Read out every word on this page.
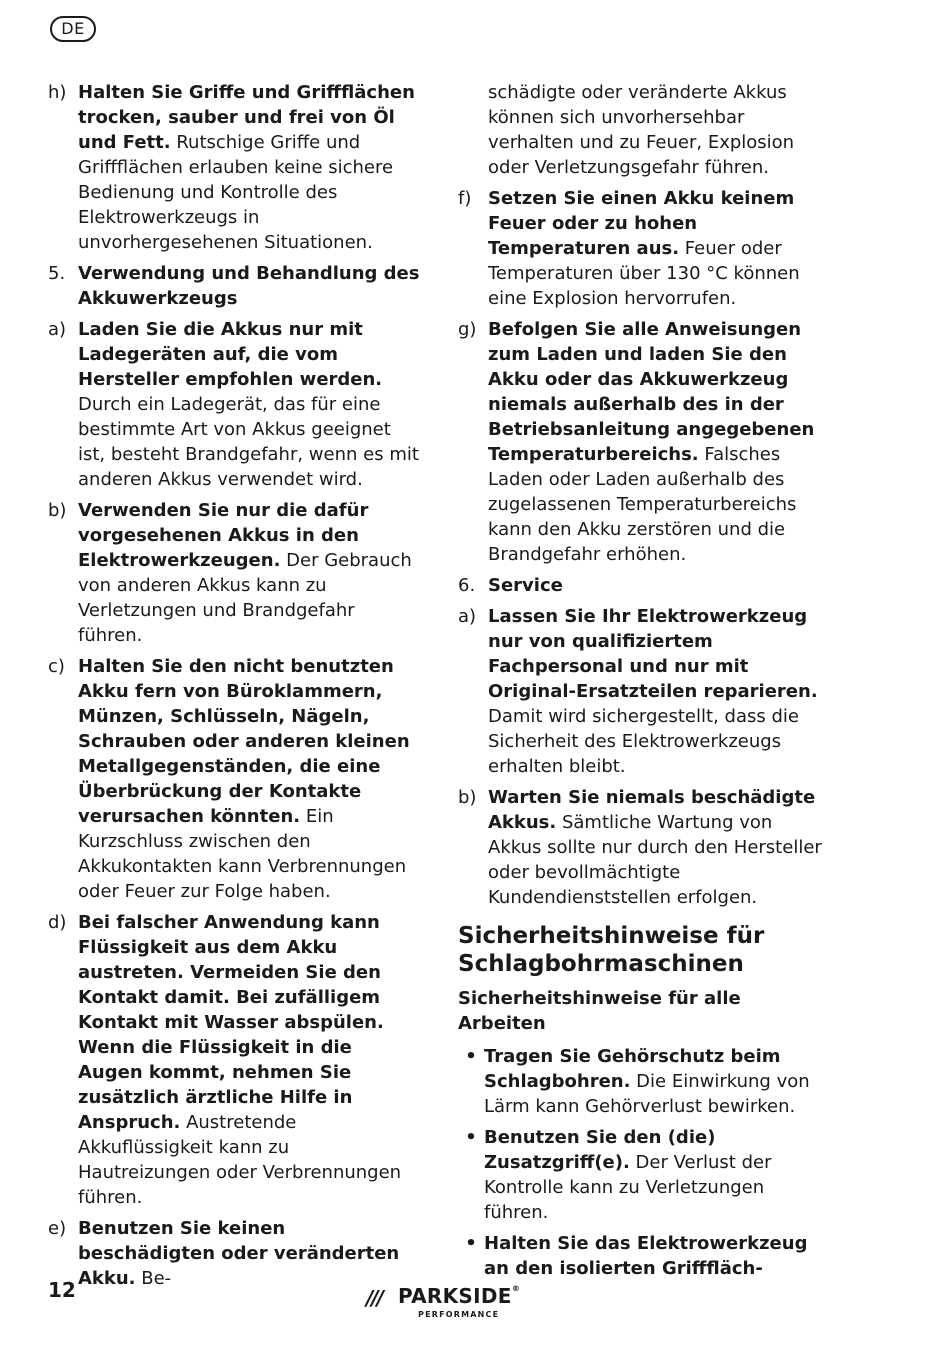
DE
h) Halten Sie Griffe und Griffflächen trocken, sauber und frei von Öl und Fett. Rutschige Griffe und Griffflächen erlauben keine sichere Bedienung und Kontrolle des Elektrowerkzeugs in unvorhergesehenen Situationen.
5. Verwendung und Behandlung des Akkuwerkzeugs
a) Laden Sie die Akkus nur mit Ladegeräten auf, die vom Hersteller empfohlen werden. Durch ein Ladegerät, das für eine bestimmte Art von Akkus geeignet ist, besteht Brandgefahr, wenn es mit anderen Akkus verwendet wird.
b) Verwenden Sie nur die dafür vorgesehenen Akkus in den Elektrowerkzeugen. Der Gebrauch von anderen Akkus kann zu Verletzungen und Brandgefahr führen.
c) Halten Sie den nicht benutzten Akku fern von Büroklammern, Münzen, Schlüsseln, Nägeln, Schrauben oder anderen kleinen Metallgegenständen, die eine Überbrückung der Kontakte verursachen könnten. Ein Kurzschluss zwischen den Akkukontakten kann Verbrennungen oder Feuer zur Folge haben.
d) Bei falscher Anwendung kann Flüssigkeit aus dem Akku austreten. Vermeiden Sie den Kontakt damit. Bei zufälligem Kontakt mit Wasser abspülen. Wenn die Flüssigkeit in die Augen kommt, nehmen Sie zusätzlich ärztliche Hilfe in Anspruch. Austretende Akkuflüssigkeit kann zu Hautreizungen oder Verbrennungen führen.
e) Benutzen Sie keinen beschädigten oder veränderten Akku. Be-
schädigte oder veränderte Akkus können sich unvorhersehbar verhalten und zu Feuer, Explosion oder Verletzungsgefahr führen.
f) Setzen Sie einen Akku keinem Feuer oder zu hohen Temperaturen aus. Feuer oder Temperaturen über 130 °C können eine Explosion hervorrufen.
g) Befolgen Sie alle Anweisungen zum Laden und laden Sie den Akku oder das Akkuwerkzeug niemals außerhalb des in der Betriebsanleitung angegebenen Temperaturbereichs. Falsches Laden oder Laden außerhalb des zugelassenen Temperaturbereichs kann den Akku zerstören und die Brandgefahr erhöhen.
6. Service
a) Lassen Sie Ihr Elektrowerkzeug nur von qualifiziertem Fachpersonal und nur mit Original-Ersatzteilen reparieren. Damit wird sichergestellt, dass die Sicherheit des Elektrowerkzeugs erhalten bleibt.
b) Warten Sie niemals beschädigte Akkus. Sämtliche Wartung von Akkus sollte nur durch den Hersteller oder bevollmächtigte Kundendienststellen erfolgen.
Sicherheitshinweise für Schlagbohrmaschinen
Sicherheitshinweise für alle Arbeiten
• Tragen Sie Gehörschutz beim Schlagbohren. Die Einwirkung von Lärm kann Gehörverlust bewirken.
• Benutzen Sie den (die) Zusatzgriff(e). Der Verlust der Kontrolle kann zu Verletzungen führen.
• Halten Sie das Elektrowerkzeug an den isolierten Grifffläch-
12	/// PARKSIDE®
PERFORMANCE
